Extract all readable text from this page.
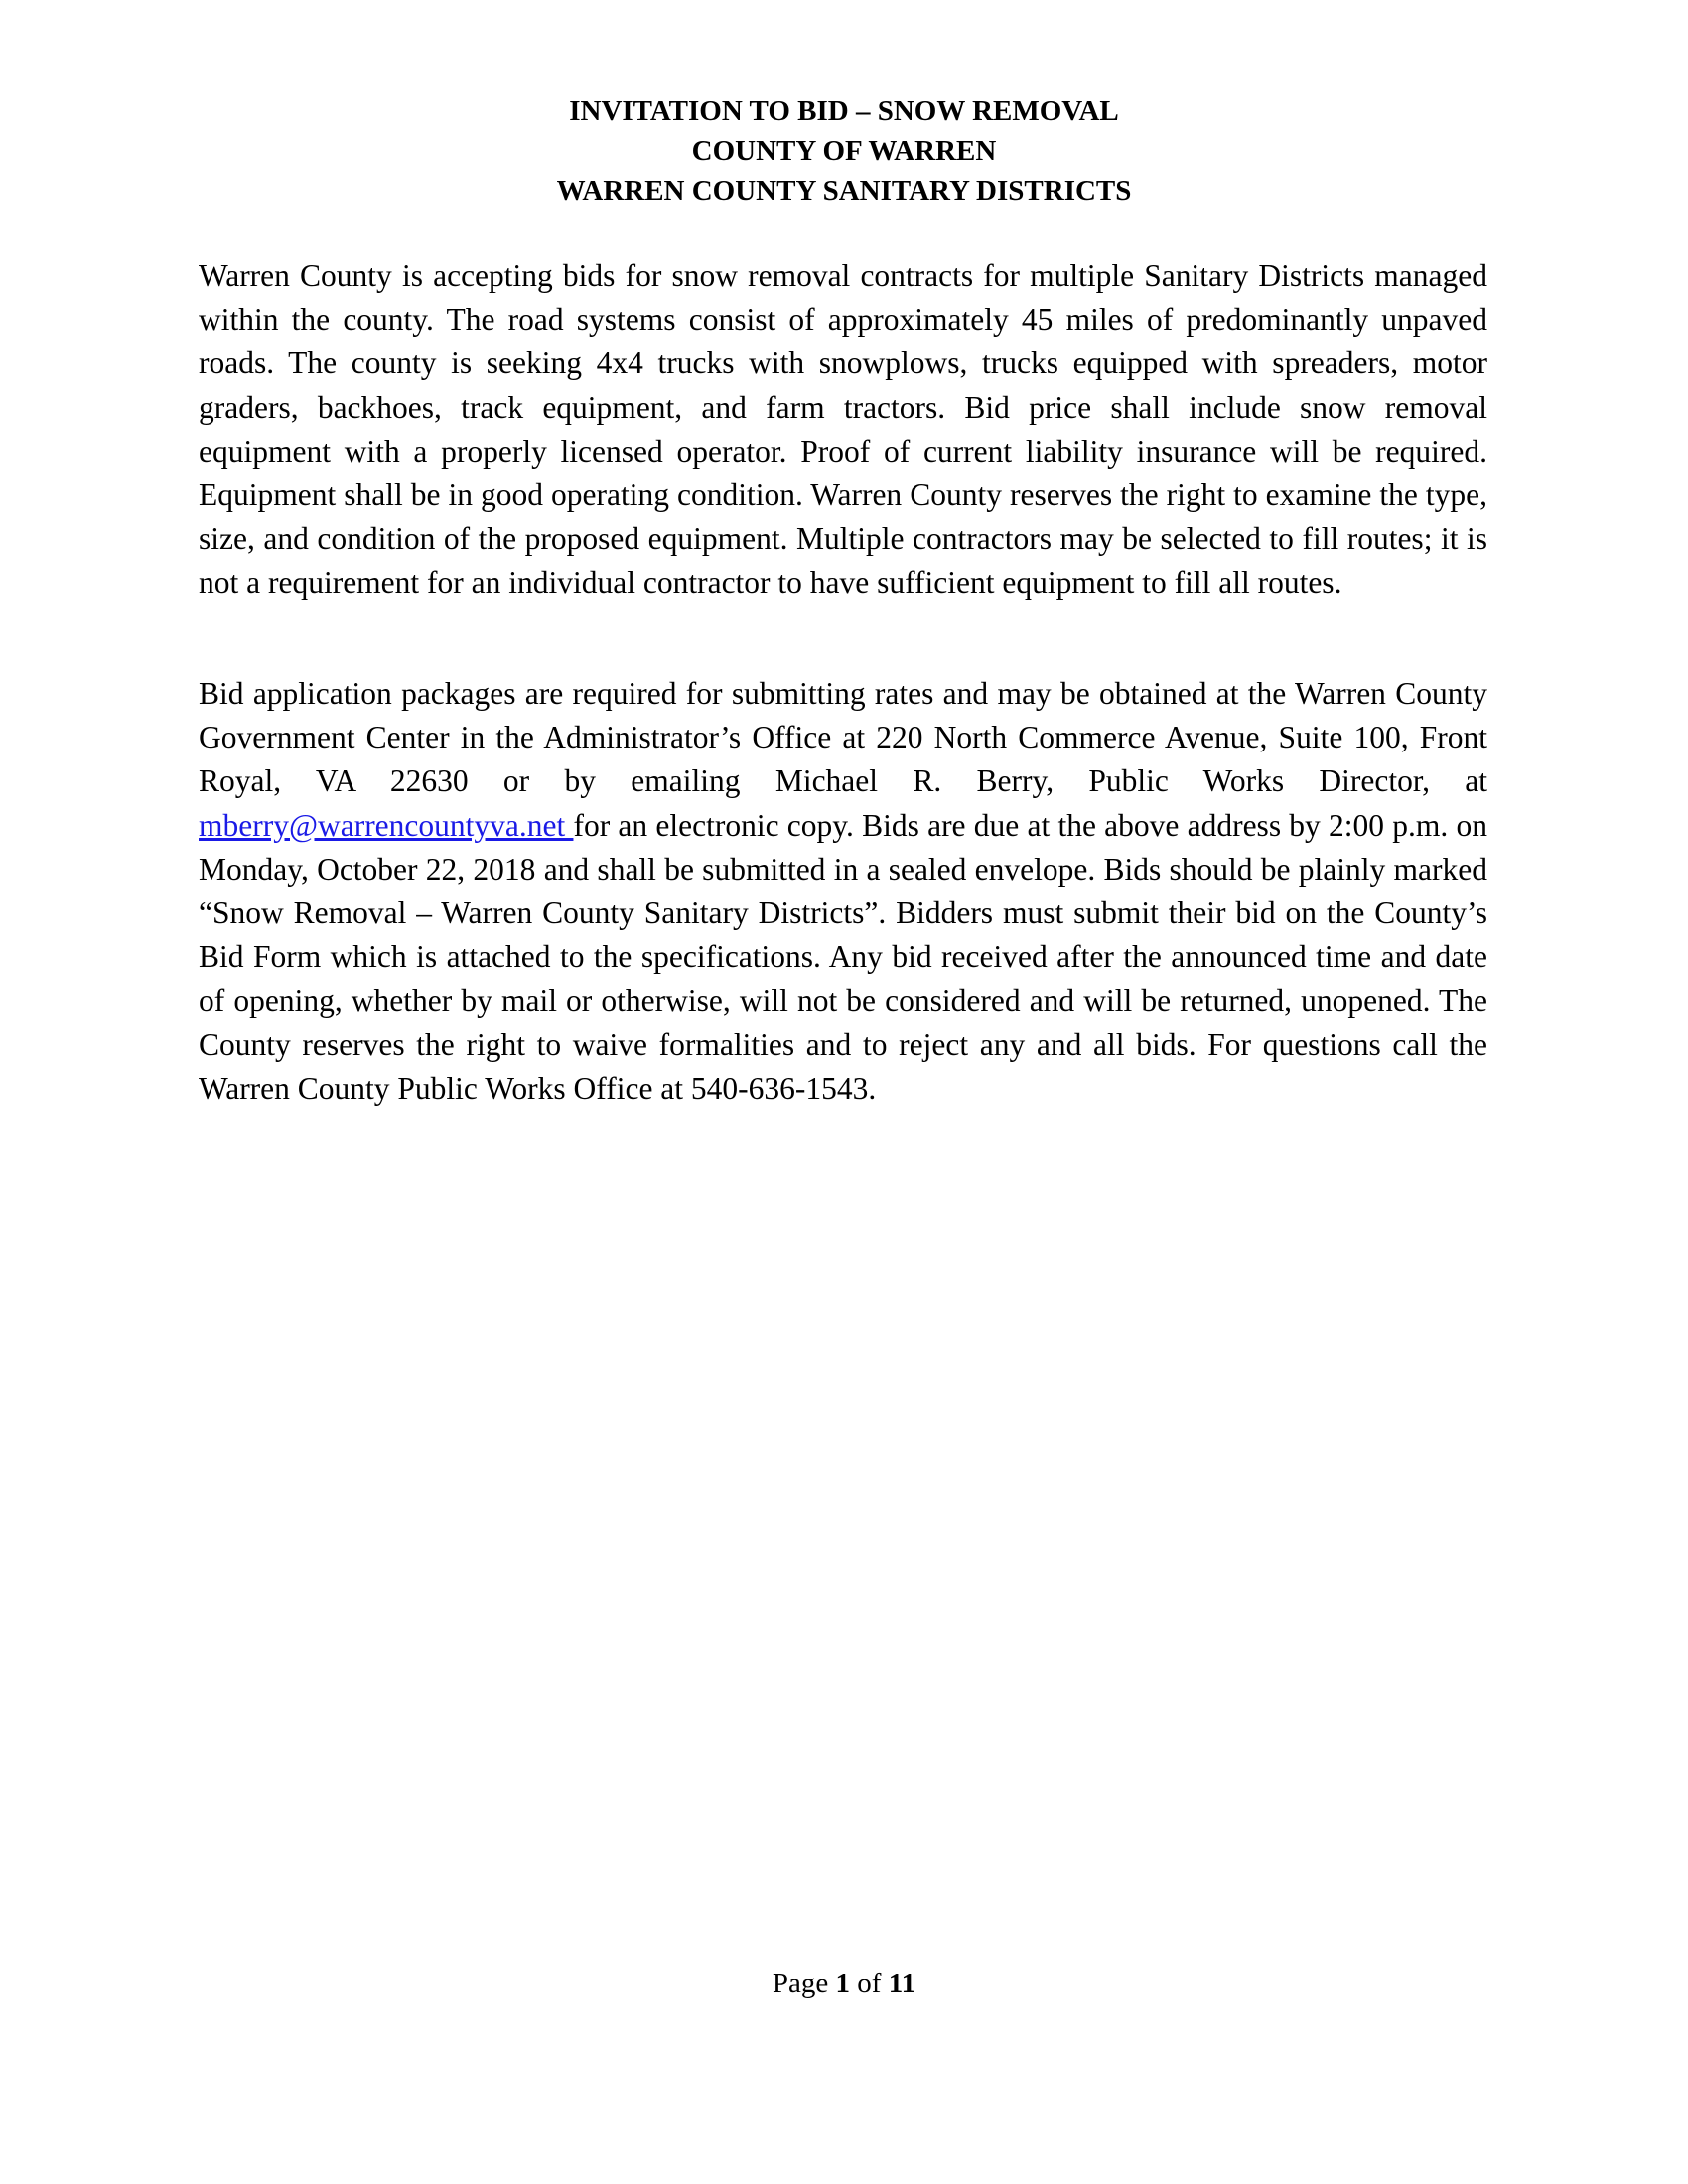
INVITATION TO BID – SNOW REMOVAL
COUNTY OF WARREN
WARREN COUNTY SANITARY DISTRICTS

Warren County is accepting bids for snow removal contracts for multiple Sanitary Districts managed within the county. The road systems consist of approximately 45 miles of predominantly unpaved roads. The county is seeking 4x4 trucks with snowplows, trucks equipped with spreaders, motor graders, backhoes, track equipment, and farm tractors. Bid price shall include snow removal equipment with a properly licensed operator. Proof of current liability insurance will be required. Equipment shall be in good operating condition. Warren County reserves the right to examine the type, size, and condition of the proposed equipment. Multiple contractors may be selected to fill routes; it is not a requirement for an individual contractor to have sufficient equipment to fill all routes.

Bid application packages are required for submitting rates and may be obtained at the Warren County Government Center in the Administrator’s Office at 220 North Commerce Avenue, Suite 100, Front Royal, VA 22630 or by emailing Michael R. Berry, Public Works Director, at mberry@warrencountyva.net for an electronic copy. Bids are due at the above address by 2:00 p.m. on Monday, October 22, 2018 and shall be submitted in a sealed envelope. Bids should be plainly marked “Snow Removal – Warren County Sanitary Districts”. Bidders must submit their bid on the County’s Bid Form which is attached to the specifications. Any bid received after the announced time and date of opening, whether by mail or otherwise, will not be considered and will be returned, unopened. The County reserves the right to waive formalities and to reject any and all bids. For questions call the Warren County Public Works Office at 540-636-1543.

Page 1 of 11
